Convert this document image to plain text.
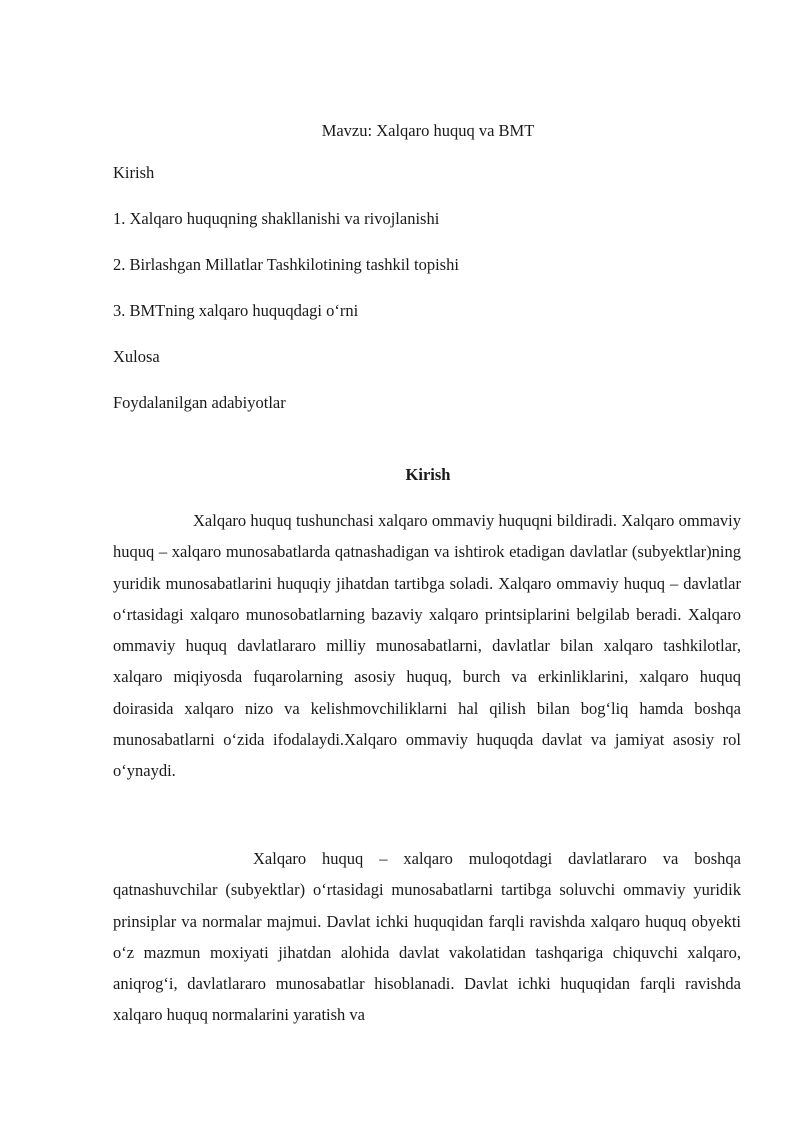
Mavzu: Xalqaro huquq va BMT
Kirish
1. Xalqaro huquqning shakllanishi va rivojlanishi
2. Birlashgan Millatlar Tashkilotining tashkil topishi
3. BMTning xalqaro huquqdagi o‘rni
Xulosa
Foydalanilgan adabiyotlar
Kirish

Xalqaro huquq tushunchasi xalqaro ommaviy huquqni bildiradi. Xalqaro ommaviy huquq – xalqaro munosabatlarda qatnashadigan va ishtirok etadigan davlatlar (subyektlar)ning yuridik munosabatlarini huquqiy jihatdan tartibga soladi. Xalqaro ommaviy huquq – davlatlar o‘rtasidagi xalqaro munosobatlarning bazaviy xalqaro printsiplarini belgilab beradi. Xalqaro ommaviy huquq davlatlararo milliy munosabatlarni, davlatlar bilan xalqaro tashkilotlar, xalqaro miqiyosda fuqarolarning asosiy huquq, burch va erkinliklarini, xalqaro huquq doirasida xalqaro nizo va kelishmovchiliklarni hal qilish bilan bog‘liq hamda boshqa munosabatlarni o‘zida ifodalaydi.Xalqaro ommaviy huquqda davlat va jamiyat asosiy rol o‘ynaydi.

Xalqaro huquq – xalqaro muloqotdagi davlatlararo va boshqa qatnashuvchilar (subyektlar) o‘rtasidagi munosabatlarni tartibga soluvchi ommaviy yuridik prinsiplar va normalar majmui. Davlat ichki huquqidan farqli ravishda xalqaro huquq obyekti o‘z mazmun moxiyati jihatdan alohida davlat vakolatidan tashqariga chiquvchi xalqaro, aniqrog‘i, davlatlararo munosabatlar hisoblanadi. Davlat ichki huquqidan farqli ravishda xalqaro huquq normalarini yaratish va
